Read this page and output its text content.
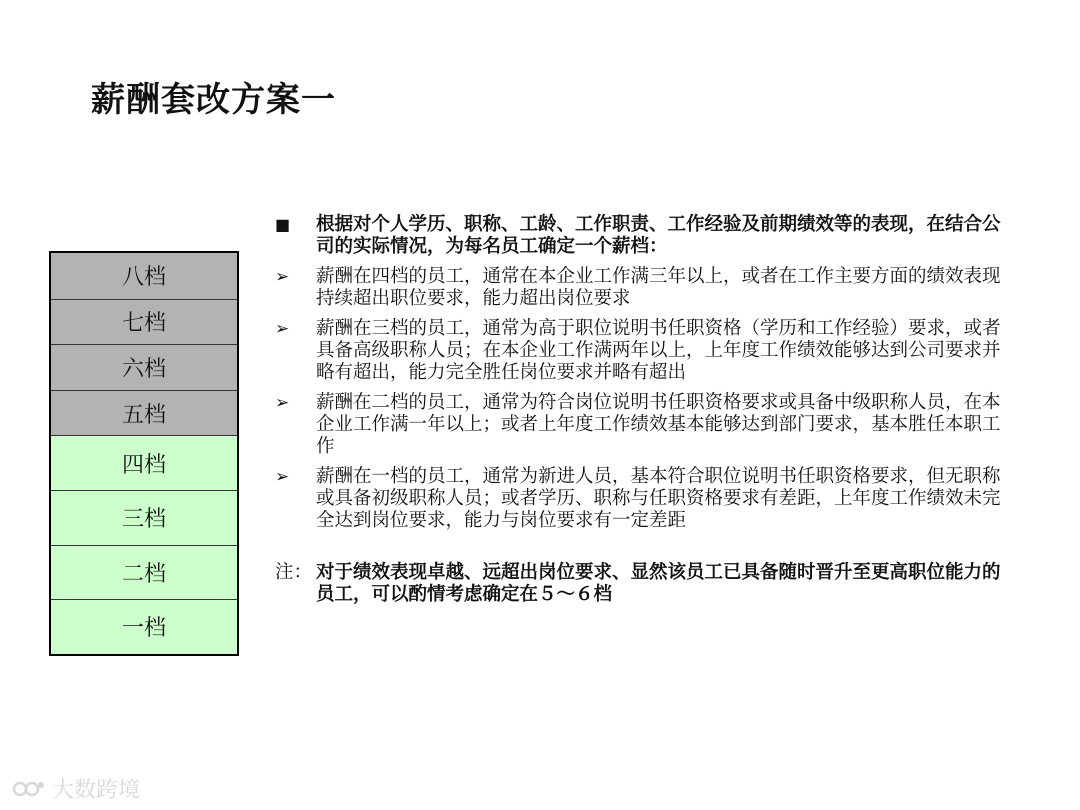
薪酬套改方案一
八档
七档
六档
五档
四档
三档
二档
一档
■	根据对个人学历、职称、工龄、工作职责、工作经验及前期绩效等的表现，在结合公司的实际情况，为每名员工确定一个薪档：
➢	薪酬在四档的员工，通常在本企业工作满三年以上，或者在工作主要方面的绩效表现持续超出职位要求，能力超出岗位要求
➢	薪酬在三档的员工，通常为高于职位说明书任职资格（学历和工作经验）要求，或者具备高级职称人员；在本企业工作满两年以上，上年度工作绩效能够达到公司要求并略有超出，能力完全胜任岗位要求并略有超出
➢	薪酬在二档的员工，通常为符合岗位说明书任职资格要求或具备中级职称人员，在本企业工作满一年以上；或者上年度工作绩效基本能够达到部门要求，基本胜任本职工作
➢	薪酬在一档的员工，通常为新进人员，基本符合职位说明书任职资格要求，但无职称或具备初级职称人员；或者学历、职称与任职资格要求有差距，上年度工作绩效未完全达到岗位要求，能力与岗位要求有一定差距
注： 对于绩效表现卓越、远超出岗位要求、显然该员工已具备随时晋升至更高职位能力的员工，可以酌情考虑确定在５～６档
大数跨境
